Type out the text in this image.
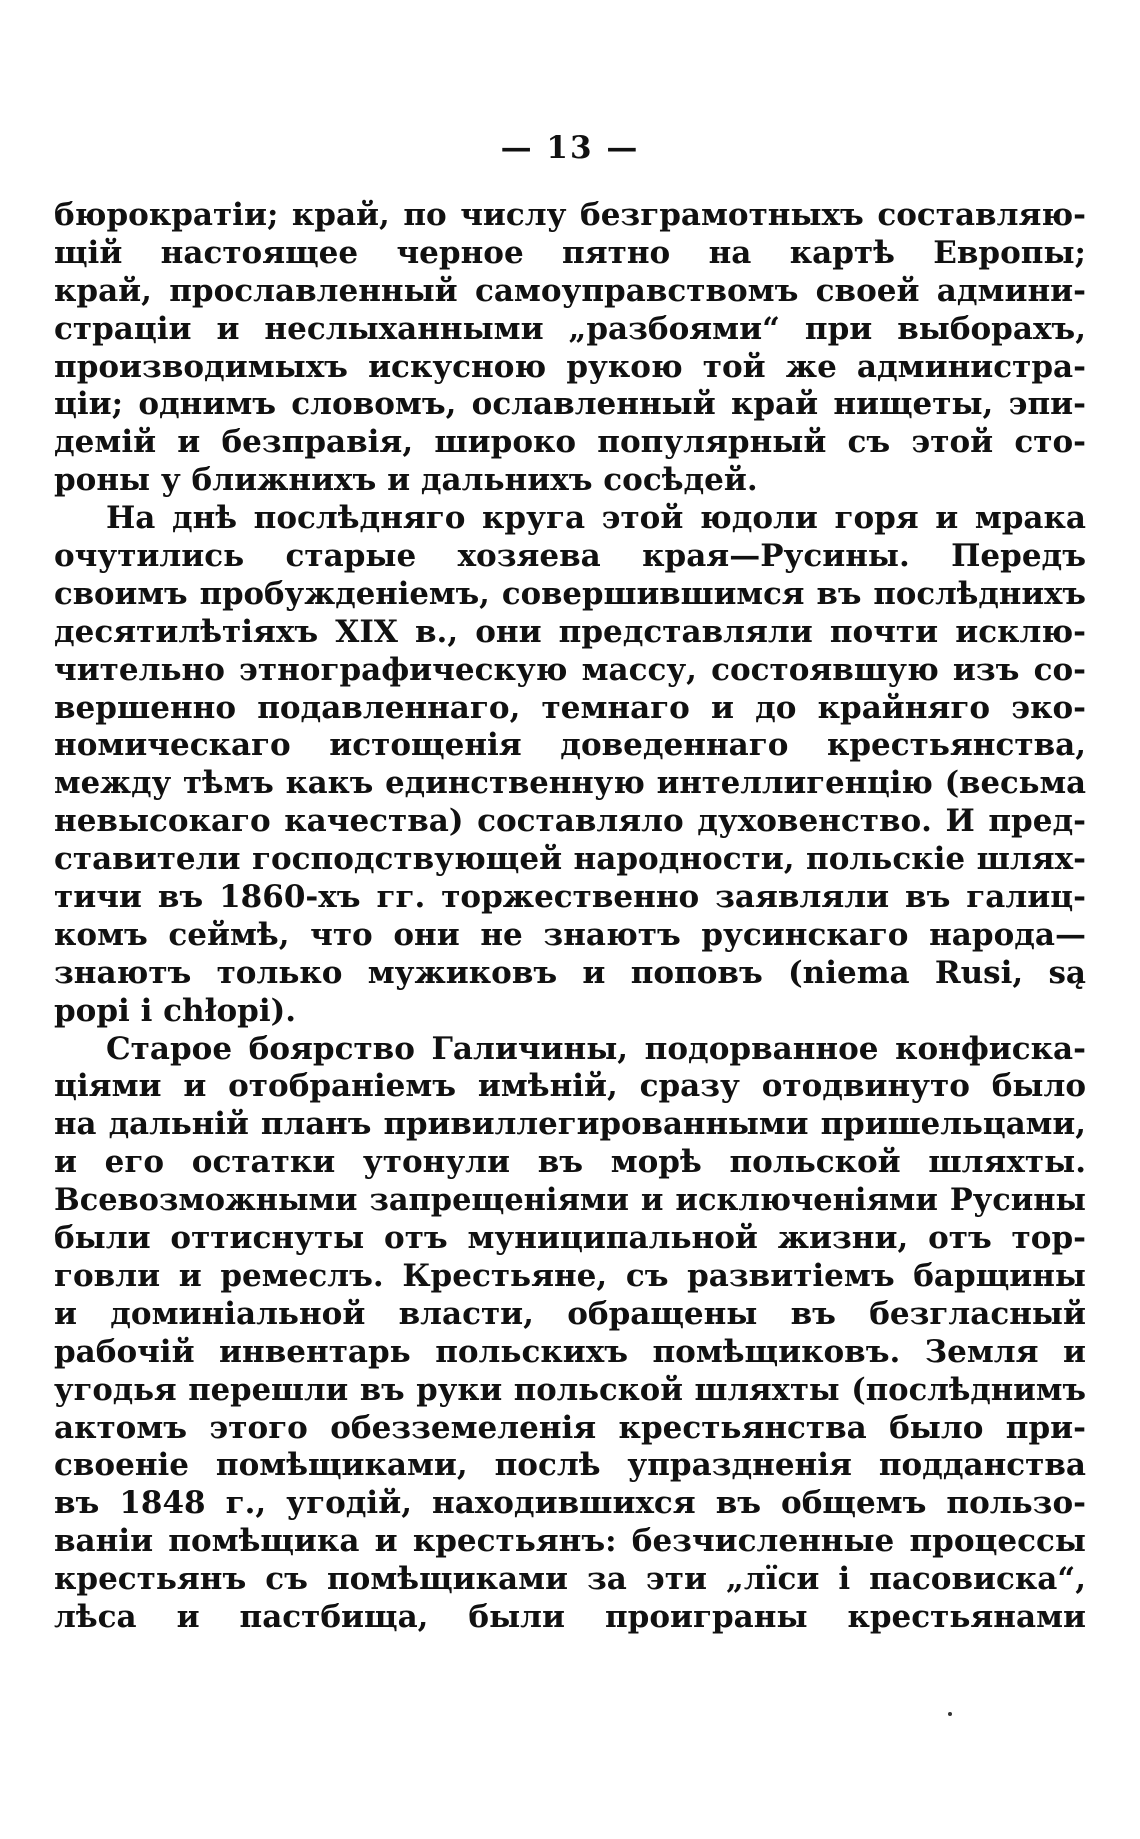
— 13 —
бюрократiи; край, по числу безграмотныхъ составляю-
щiй настоящее черное пятно на картѣ Европы;
край, прославленный самоуправствомъ своей админи-
страцiи и неслыханными „разбоями“ при выборахъ,
производимыхъ искусною рукою той же администра-
цiи; однимъ словомъ, ославленный край нищеты, эпи-
демiй и безправiя, широко популярный съ этой сто-
роны у ближнихъ и дальнихъ сосѣдей.
На днѣ послѣдняго круга этой юдоли горя и мрака
очутились старые хозяева края—Русины. Передъ
своимъ пробужденiемъ, совершившимся въ послѣднихъ
десятилѣтiяхъ XIX в., они представляли почти исклю-
чительно этнографическую массу, состоявшую изъ со-
вершенно подавленнаго, темнаго и до крайняго эко-
номическаго истощенiя доведеннаго крестьянства,
между тѣмъ какъ единственную интеллигенцiю (весьма
невысокаго качества) составляло духовенство. И пред-
ставители господствующей народности, польскiе шлях-
тичи въ 1860-хъ гг. торжественно заявляли въ галиц-
комъ сеймѣ, что они не знаютъ русинскаго народа—
знаютъ только мужиковъ и поповъ (niema Rusi, są
popi i chłopi).
Старое боярство Галичины, подорванное конфиска-
цiями и отобранiемъ имѣнiй, сразу отодвинуто было
на дальнiй планъ привиллегированными пришельцами,
и его остатки утонули въ морѣ польской шляхты.
Всевозможными запрещенiями и исключенiями Русины
были оттиснуты отъ муниципальной жизни, отъ тор-
говли и ремеслъ. Крестьяне, съ развитiемъ барщины
и доминiальной власти, обращены въ безгласный
рабочiй инвентарь польскихъ помѣщиковъ. Земля и
угодья перешли въ руки польской шляхты (послѣднимъ
актомъ этого обезземеленiя крестьянства было при-
своенiе помѣщиками, послѣ упраздненiя подданства
въ 1848 г., угодiй, находившихся въ общемъ пользо-
ванiи помѣщика и крестьянъ: безчисленные процессы
крестьянъ съ помѣщиками за эти „лїси і пасовиска“,
лѣса и пастбища, были проиграны крестьянами
